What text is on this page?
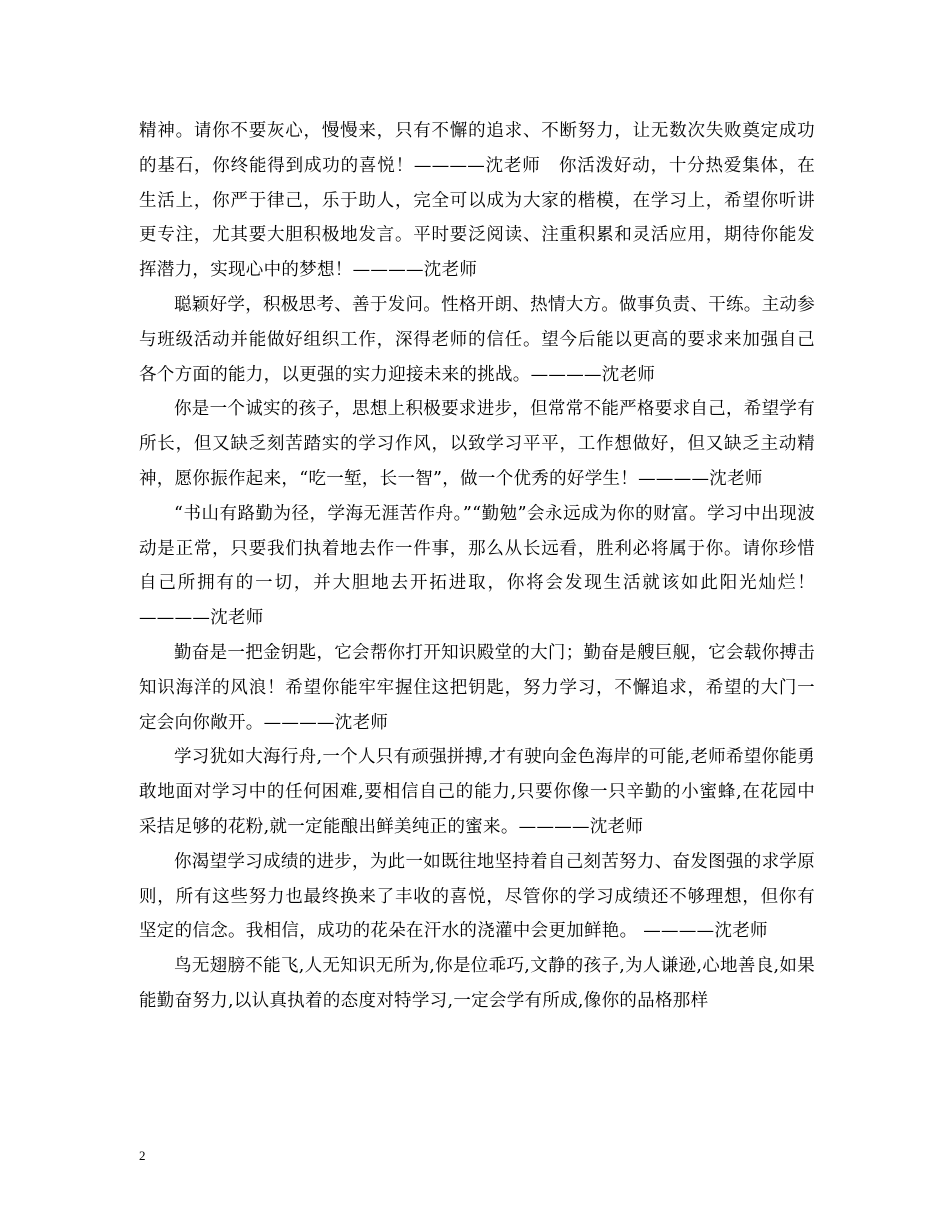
精神。请你不要灰心，慢慢来，只有不懈的追求、不断努力，让无数次失败奠定成功的基石，你终能得到成功的喜悦！————沈老师　你活泼好动，十分热爱集体，在生活上，你严于律己，乐于助人，完全可以成为大家的楷模，在学习上，希望你听讲更专注，尤其要大胆积极地发言。平时要泛阅读、注重积累和灵活应用，期待你能发挥潜力，实现心中的梦想！————沈老师

聪颖好学，积极思考、善于发问。性格开朗、热情大方。做事负责、干练。主动参与班级活动并能做好组织工作，深得老师的信任。望今后能以更高的要求来加强自己各个方面的能力，以更强的实力迎接未来的挑战。————沈老师

你是一个诚实的孩子，思想上积极要求进步，但常常不能严格要求自己，希望学有所长，但又缺乏刻苦踏实的学习作风，以致学习平平，工作想做好，但又缺乏主动精神，愿你振作起来，“吃一堑，长一智”，做一个优秀的好学生！————沈老师

“书山有路勤为径，学海无涯苦作舟。”“勤勉”会永远成为你的财富。学习中出现波动是正常，只要我们执着地去作一件事，那么从长远看，胜利必将属于你。请你珍惜自己所拥有的一切，并大胆地去开拓进取，你将会发现生活就该如此阳光灿烂！————沈老师

勤奋是一把金钥匙，它会帮你打开知识殿堂的大门；勤奋是艘巨舰，它会载你搏击知识海洋的风浪！希望你能牢牢握住这把钥匙，努力学习，不懈追求，希望的大门一定会向你敞开。————沈老师

学习犹如大海行舟,一个人只有顽强拼搏,才有驶向金色海岸的可能,老师希望你能勇敢地面对学习中的任何困难,要相信自己的能力,只要你像一只辛勤的小蜜蜂,在花园中采拮足够的花粉,就一定能酿出鲜美纯正的蜜来。————沈老师

你渴望学习成绩的进步，为此一如既往地坚持着自己刻苦努力、奋发图强的求学原则，所有这些努力也最终换来了丰收的喜悦，尽管你的学习成绩还不够理想，但你有坚定的信念。我相信，成功的花朵在汗水的浇灌中会更加鲜艳。 ————沈老师

鸟无翅膀不能飞,人无知识无所为,你是位乖巧,文静的孩子,为人谦逊,心地善良,如果能勤奋努力,以认真执着的态度对特学习,一定会学有所成,像你的品格那样

2
